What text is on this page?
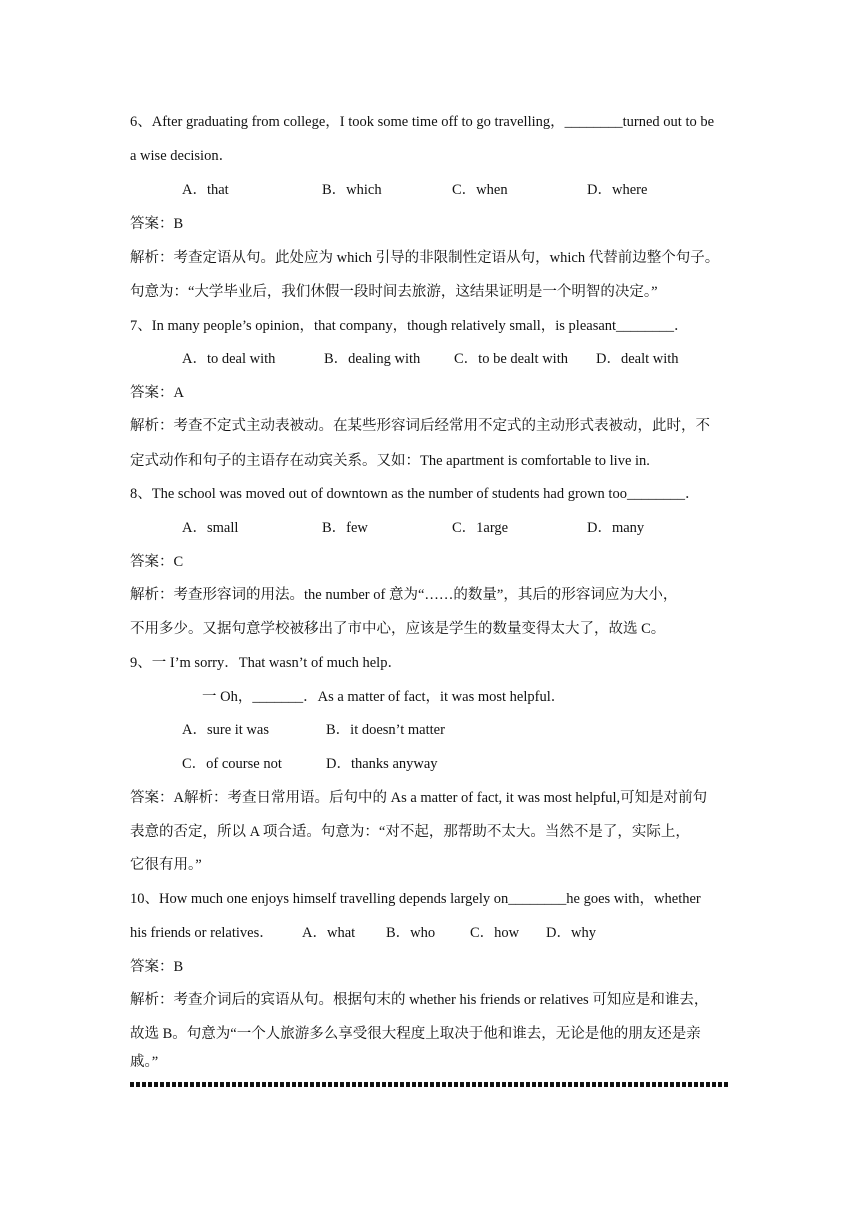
6、After graduating from college，I took some time off to go travelling，________turned out to be
a wise decision．
A．that	B．which	C．when	D．where
答案：B
解析：考查定语从句。此处应为 which 引导的非限制性定语从句，which 代替前边整个句子。
句意为：“大学毕业后，我们休假一段时间去旅游，这结果证明是一个明智的决定。”
7、In many people’s opinion，that company，though relatively small，is pleasant________．
A．to deal with	B．dealing with	C．to be dealt with	D．dealt with
答案：A
解析：考查不定式主动表被动。在某些形容词后经常用不定式的主动形式表被动，此时，不
定式动作和句子的主语存在动宾关系。又如：The apartment is comfortable to live in.
8、The school was moved out of downtown as the number of students had grown too________．
A．small	B．few	C．1arge	D．many
答案：C
解析：考查形容词的用法。the number of 意为“……的数量”，其后的形容词应为大小，
不用多少。又据句意学校被移出了市中心，应该是学生的数量变得太大了，故选 C。
9、一 I’m sorry．That wasn’t of much help．
一 Oh，_______．As a matter of fact，it was most helpful．
A．sure it was	B．it doesn’t matter
C．of course not	D．thanks anyway
答案：A解析：考查日常用语。后句中的 As a matter of fact, it was most helpful,可知是对前句
表意的否定，所以 A 项合适。句意为：“对不起，那帮助不太大。当然不是了，实际上，
它很有用。”
10、How much one enjoys himself travelling depends largely on________he goes with，whether
his friends or relatives．	A．what	B．who	C．how	D．why
答案：B
解析：考查介词后的宾语从句。根据句末的 whether his friends or relatives 可知应是和谁去，
故选 B。句意为“一个人旅游多么享受很大程度上取决于他和谁去，无论是他的朋友还是亲
戚。”
